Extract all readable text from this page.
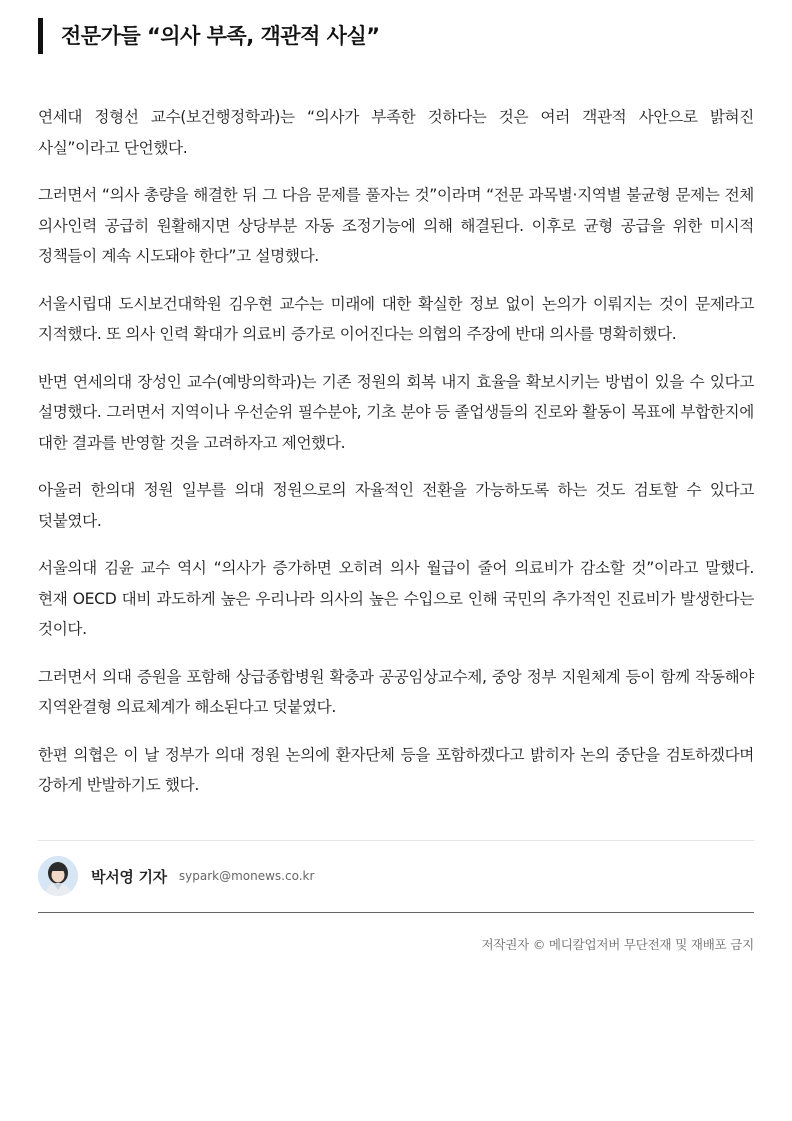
전문가들 “의사 부족, 객관적 사실”

연세대 정형선 교수(보건행정학과)는 “의사가 부족한 것하다는 것은 여러 객관적 사안으로 밝혀진 사실”이라고 단언했다.

그러면서 “의사 총량을 해결한 뒤 그 다음 문제를 풀자는 것”이라며 “전문 과목별·지역별 불균형 문제는 전체 의사인력 공급히 원활해지면 상당부분 자동 조정기능에 의해 해결된다. 이후로 균형 공급을 위한 미시적 정책들이 계속 시도돼야 한다”고 설명했다.

서울시립대 도시보건대학원 김우현 교수는 미래에 대한 확실한 정보 없이 논의가 이뤄지는 것이 문제라고 지적했다. 또 의사 인력 확대가 의료비 증가로 이어진다는 의협의 주장에 반대 의사를 명확히했다.

반면 연세의대 장성인 교수(예방의학과)는 기존 정원의 회복 내지 효율을 확보시키는 방법이 있을 수 있다고 설명했다. 그러면서 지역이나 우선순위 필수분야, 기초 분야 등 졸업생들의 진로와 활동이 목표에 부합한지에 대한 결과를 반영할 것을 고려하자고 제언했다.

아울러 한의대 정원 일부를 의대 정원으로의 자율적인 전환을 가능하도록 하는 것도 검토할 수 있다고 덧붙였다.

서울의대 김윤 교수 역시 “의사가 증가하면 오히려 의사 월급이 줄어 의료비가 감소할 것”이라고 말했다. 현재 OECD 대비 과도하게 높은 우리나라 의사의 높은 수입으로 인해 국민의 추가적인 진료비가 발생한다는 것이다.

그러면서 의대 증원을 포함해 상급종합병원 확충과 공공임상교수제, 중앙 정부 지원체계 등이 함께 작동해야 지역완결형 의료체계가 해소된다고 덧붙였다.

한편 의협은 이 날 정부가 의대 정원 논의에 환자단체 등을 포함하겠다고 밝히자 논의 중단을 검토하겠다며 강하게 반발하기도 했다.

박서영 기자 sypark@monews.co.kr
저작권자 © 메디칼업저버 무단전재 및 재배포 금지
